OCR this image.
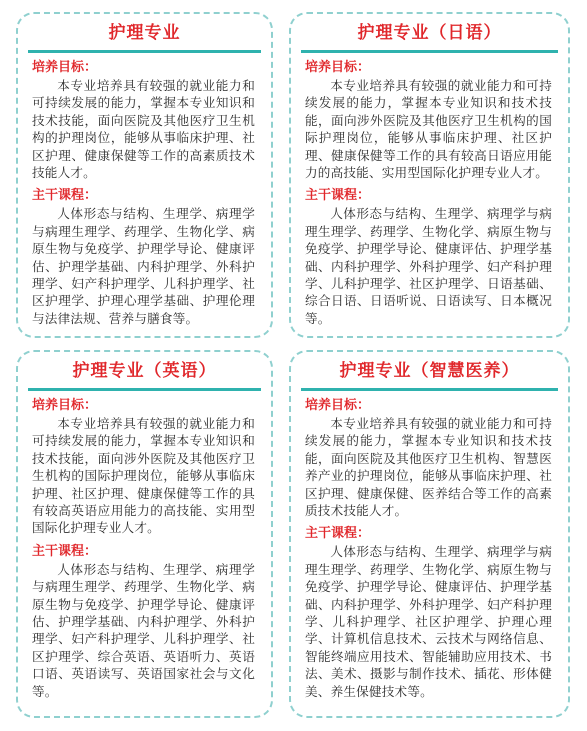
护理专业
培养目标：
本专业培养具有较强的就业能力和可持续发展的能力，掌握本专业知识和技术技能，面向医院及其他医疗卫生机构的护理岗位，能够从事临床护理、社区护理、健康保健等工作的高素质技术技能人才。
主干课程：
人体形态与结构、生理学、病理学与病理生理学、药理学、生物化学、病原生物与免疫学、护理学导论、健康评估、护理学基础、内科护理学、外科护理学、妇产科护理学、儿科护理学、社区护理学、护理心理学基础、护理伦理与法律法规、营养与膳食等。
护理专业（日语）
培养目标：
本专业培养具有较强的就业能力和可持续发展的能力，掌握本专业知识和技术技能，面向涉外医院及其他医疗卫生机构的国际护理岗位，能够从事临床护理、社区护理、健康保健等工作的具有较高日语应用能力的高技能、实用型国际化护理专业人才。
主干课程：
人体形态与结构、生理学、病理学与病理生理学、药理学、生物化学、病原生物与免疫学、护理学导论、健康评估、护理学基础、内科护理学、外科护理学、妇产科护理学、儿科护理学、社区护理学、日语基础、综合日语、日语听说、日语读写、日本概况等。
护理专业（英语）
培养目标：
本专业培养具有较强的就业能力和可持续发展的能力，掌握本专业知识和技术技能，面向涉外医院及其他医疗卫生机构的国际护理岗位，能够从事临床护理、社区护理、健康保健等工作的具有较高英语应用能力的高技能、实用型国际化护理专业人才。
主干课程：
人体形态与结构、生理学、病理学与病理生理学、药理学、生物化学、病原生物与免疫学、护理学导论、健康评估、护理学基础、内科护理学、外科护理学、妇产科护理学、儿科护理学、社区护理学、综合英语、英语听力、英语口语、英语读写、英语国家社会与文化等。
护理专业（智慧医养）
培养目标：
本专业培养具有较强的就业能力和可持续发展的能力，掌握本专业知识和技术技能，面向医院及其他医疗卫生机构、智慧医养产业的护理岗位，能够从事临床护理、社区护理、健康保健、医养结合等工作的高素质技术技能人才。
主干课程：
人体形态与结构、生理学、病理学与病理生理学、药理学、生物化学、病原生物与免疫学、护理学导论、健康评估、护理学基础、内科护理学、外科护理学、妇产科护理学、儿科护理学、社区护理学、护理心理学、计算机信息技术、云技术与网络信息、智能终端应用技术、智能辅助应用技术、书法、美术、摄影与制作技术、插花、形体健美、养生保健技术等。
